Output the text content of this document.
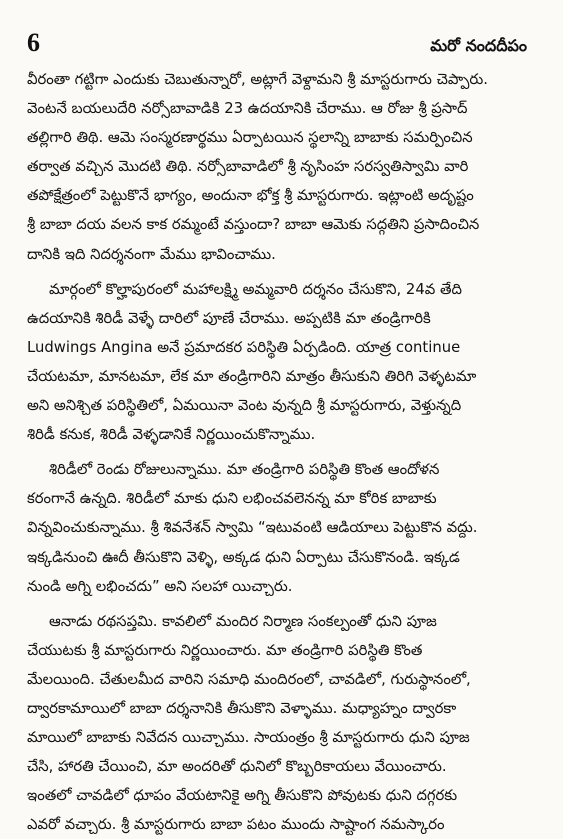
6	మరో నందదీపం
వీరంతా గట్టిగా ఎందుకు చెబుతున్నారో, అట్లాగే వెళ్దామని శ్రీ మాస్టరుగారు చెప్పారు.
వెంటనే బయలుదేరి నర్సోబావాడికి 23 ఉదయానికి చేరాము. ఆ రోజు శ్రీ ప్రసాద్
తల్లిగారి తిథి. ఆమె సంస్మరణార్థము ఏర్పాటయిన స్థలాన్ని బాబాకు సమర్పించిన
తర్వాత వచ్చిన మొదటి తిథి. నర్సోబావాడిలో శ్రీ నృసింహ సరస్వతిస్వామి వారి
తపోక్షేత్రంలో పెట్టుకొనే భాగ్యం, అందునా భోక్త శ్రీ మాస్టరుగారు. ఇట్లాంటి అదృష్టం
శ్రీ బాబా దయ వలన కాక రమ్మంటే వస్తుందా? బాబా ఆమెకు సద్గతిని ప్రసాదించిన
దానికి ఇది నిదర్శనంగా మేము భావించాము.
మార్గంలో కొల్హాపురంలో మహాలక్ష్మి అమ్మవారి దర్శనం చేసుకొని, 24వ తేది
ఉదయానికి శిరిడీ వెళ్ళే దారిలో పూణే చేరాము. అప్పటికి మా తండ్రిగారికి
Ludwings Angina అనే ప్రమాదకర పరిస్థితి ఏర్పడింది. యాత్ర continue
చేయటమా, మానటమా, లేక మా తండ్రిగారిని మాత్రం తీసుకుని తిరిగి వెళ్ళటమా
అని అనిశ్చిత పరిస్థితిలో, ఏమయినా వెంట వున్నది శ్రీ మాస్టరుగారు, వెళ్తున్నది
శిరిడీ కనుక, శిరిడీ వెళ్ళడానికే నిర్ణయించుకొన్నాము.
శిరిడీలో రెండు రోజులున్నాము. మా తండ్రిగారి పరిస్థితి కొంత ఆందోళన
కరంగానే ఉన్నది. శిరిడీలో మాకు ధుని లభించవలెనన్న మా కోరిక బాబాకు
విన్నవించుకున్నాము. శ్రీ శివనేశన్ స్వామి “ఇటువంటి ఆడియాలు పెట్టుకొన వద్దు.
ఇక్కడినుంచి ఊదీ తీసుకొని వెళ్ళి, అక్కడ ధుని ఏర్పాటు చేసుకొనండి. ఇక్కడ
నుండి అగ్ని లభించదు” అని సలహా యిచ్చారు.
ఆనాడు రథసప్తమి. కావలిలో మందిర నిర్మాణ సంకల్పంతో ధుని పూజ
చేయుటకు శ్రీ మాస్టరుగారు నిర్ణయించారు. మా తండ్రిగారి పరిస్థితి కొంత
మేలయింది. చేతులమీద వారిని సమాధి మందిరంలో, చావడిలో, గురుస్థానంలో,
ద్వారకామాయిలో బాబా దర్శనానికి తీసుకొని వెళ్ళాము. మధ్యాహ్నం ద్వారకా
మాయిలో బాబాకు నివేదన యిచ్చాము. సాయంత్రం శ్రీ మాస్టరుగారు ధుని పూజ
చేసి, హారతి చేయించి, మా అందరితో ధునిలో కొబ్బరికాయలు వేయించారు.
ఇంతలో చావడిలో ధూపం వేయటానికై అగ్ని తీసుకొని పోవుటకు ధుని దగ్గరకు
ఎవరో వచ్చారు. శ్రీ మాస్టరుగారు బాబా పటం ముందు సాష్టాంగ నమస్కారం
